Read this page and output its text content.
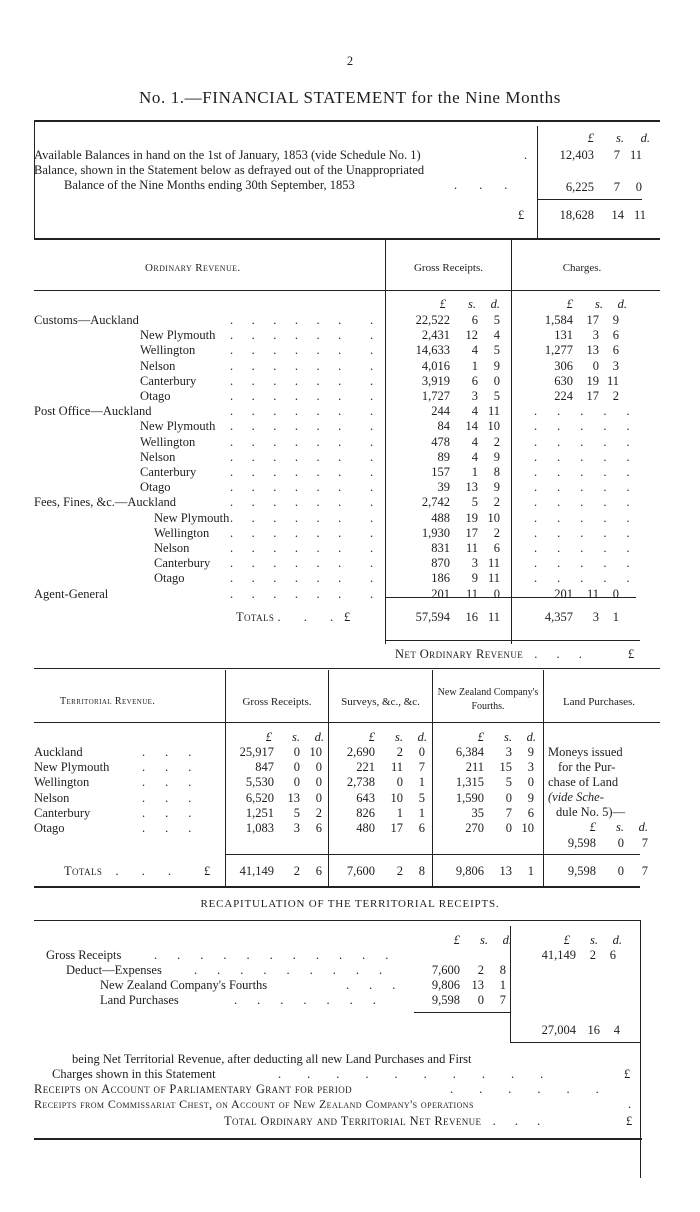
2
No. 1.—FINANCIAL STATEMENT for the Nine Months
£	s.	d.
Available Balances in hand on the 1st of January, 1853 (vide Schedule No. 1)	.	12,403	7 11
Balance, shown in the Statement below as defrayed out of the Unappropriated
Balance of the Nine Months ending 30th September, 1853	...	6,225	7	0
£	18,628	14 11
Ordinary Revenue.	Gross Receipts.	Charges.
£	s.	d.	£	s.	d.
Customs—Auckland	...... .	22,522	6	5	1,584	17	9
New Plymouth ...... .	2,431	12	4	131	3	6
Wellington	...... .	14,633	4	5	1,277	13	6
Nelson	...... .	4,016	1	9	306	0	3
Canterbury	...... .	3,919	6	0	630	19 11
Otago	...... .	1,727	3	5	224	17	2
Post Office—Auckland	...... .	244	4 11	.....
New Plymouth ...... .	84	14 10	.....
Wellington	...... .	478	4	2	.....
Nelson	...... .	89	4	9	.....
Canterbury	...... .	157	1	8	.....
Otago	...... .	39	13	9	.....
Fees, Fines, &c.—Auckland	...... .	2,742	5	2	.....
New Plymouth ...... .	488	19 10	.....
Wellington ...... .	1,930	17	2	.....
Nelson	...... .	831	11	6	.....
Canterbury ...... .	870	3 11	.....
Otago	...... .	186	9 11	.....
Agent-General	...... .	201	11	0	201	11	0
Totals . . . £	57,594	16 11	4,357	3	1
Net Ordinary Revenue . . .	£
Territorial Revenue.	Gross Receipts.	Surveys, &c., &c.
New Zealand Company's Fourths.	Land Purchases.
£	s.	d.	£	s.	d.	£	s.	d.
Auckland	...	25,917	0 10	2,690	2	0	6,384	3	9
New Plymouth	...	847	0	0	221	11	7	211	15	3
Wellington	...	5,530	0	0	2,738	0	1	1,315	5	0
Nelson	...	6,520	13	0	643	10	5	1,590	0	9
Canterbury	...	1,251	5	2	826	1	1	35	7	6
Otago	...	1,083	3	6	480	17	6	270	0 10
Moneys issued
for the Pur-
chase of Land
(vide Sche-
dule No. 5)—
£	s.	d.
9,598	0	7
Totals . . . £	41,149	2	6	7,600	2	8	9,806	13	1	9,598	0	7
RECAPITULATION OF THE TERRITORIAL RECEIPTS.
£	s.	d.	£	s.	d.
Gross Receipts	...........	41,149	2	6
Deduct—Expenses	.........	7,600	2	8
New Zealand Company's Fourths	...	9,806 13	1
Land Purchases	.......	9,598	0	7
27,004 16	4
being Net Territorial Revenue, after deducting all new Land Purchases and First
Charges shown in this Statement	..........	£
Receipts on Account of Parliamentary Grant for period	......
Receipts from Commissariat Chest, on Account of New Zealand Company's operations	.
Total Ordinary and Territorial Net Revenue . . .	£
